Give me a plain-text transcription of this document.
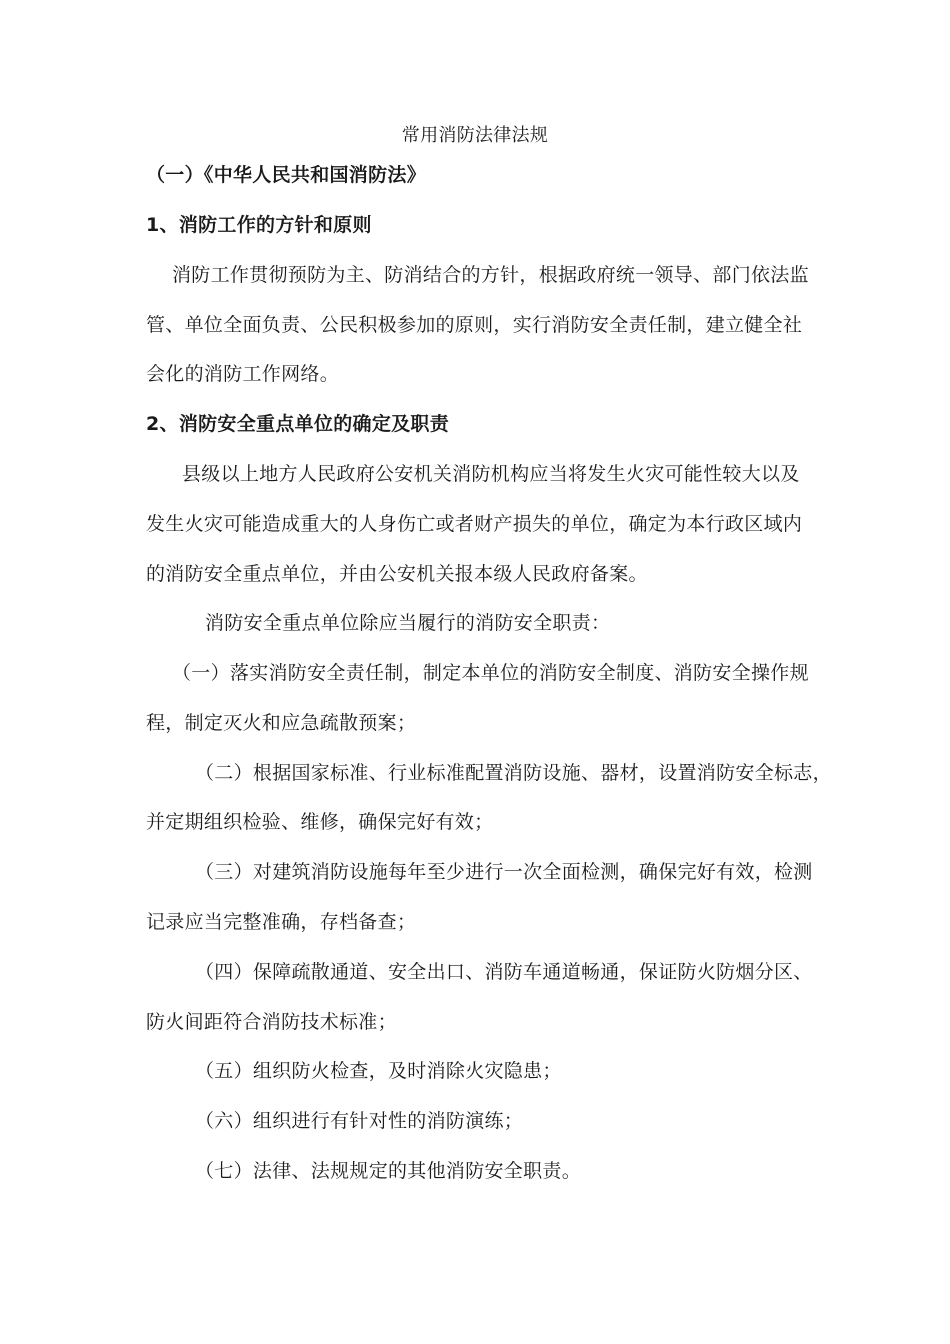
常用消防法律法规
（一）《中华人民共和国消防法》
1、消防工作的方针和原则
消防工作贯彻预防为主、防消结合的方针，根据政府统一领导、部门依法监
管、单位全面负责、公民积极参加的原则，实行消防安全责任制，建立健全社
会化的消防工作网络。
2、消防安全重点单位的确定及职责
县级以上地方人民政府公安机关消防机构应当将发生火灾可能性较大以及
发生火灾可能造成重大的人身伤亡或者财产损失的单位，确定为本行政区域内
的消防安全重点单位，并由公安机关报本级人民政府备案。
消防安全重点单位除应当履行的消防安全职责：
（一）落实消防安全责任制，制定本单位的消防安全制度、消防安全操作规
程，制定灭火和应急疏散预案；
（二）根据国家标准、行业标准配置消防设施、器材，设置消防安全标志，
并定期组织检验、维修，确保完好有效；
（三）对建筑消防设施每年至少进行一次全面检测，确保完好有效，检测
记录应当完整准确，存档备查；
（四）保障疏散通道、安全出口、消防车通道畅通，保证防火防烟分区、
防火间距符合消防技术标准；
（五）组织防火检查，及时消除火灾隐患；
（六）组织进行有针对性的消防演练；
（七）法律、法规规定的其他消防安全职责。
